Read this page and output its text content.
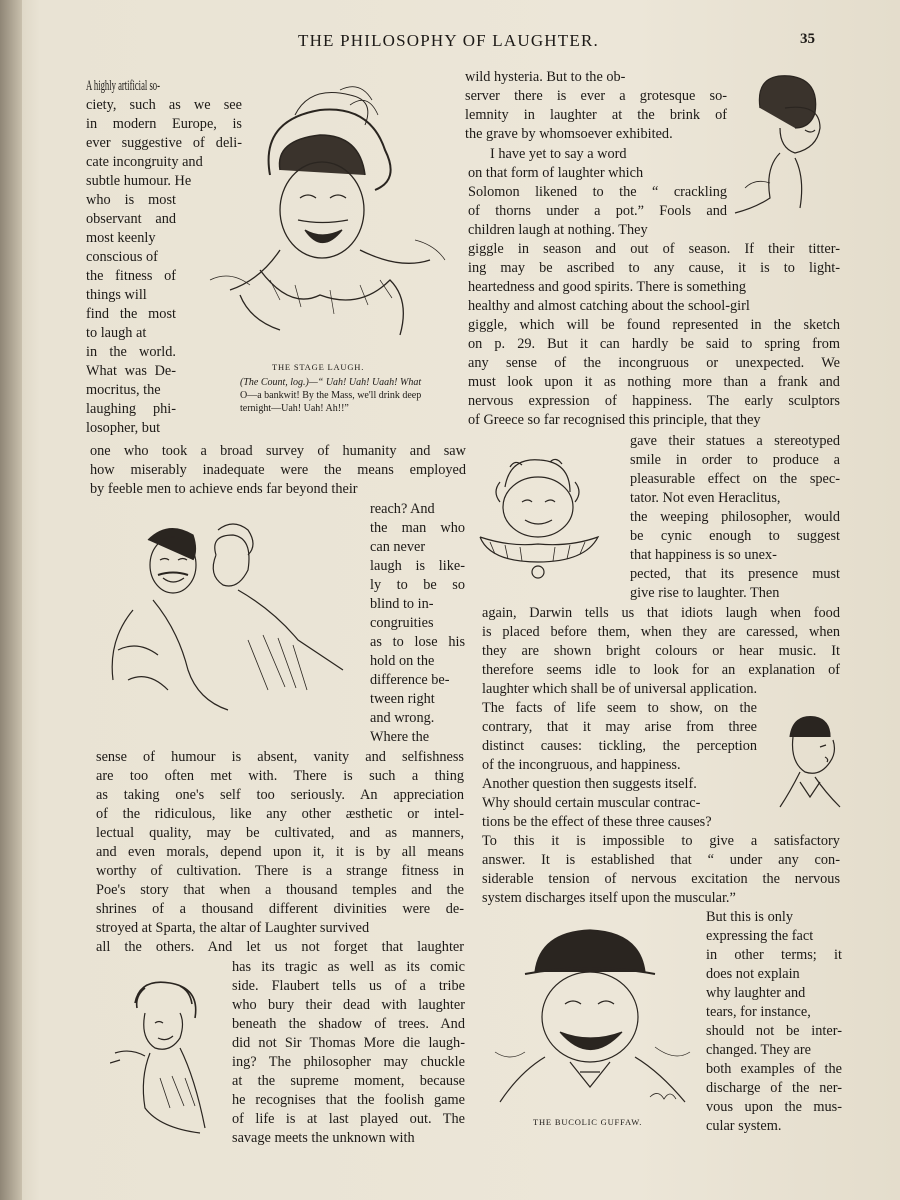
THE PHILOSOPHY OF LAUGHTER.	35
A highly artificial so-
ciety, such as we see
in modern Europe, is
ever suggestive of deli-
cate incongruity and
subtle humour. He
who is most
observant and
most keenly
conscious of
the fitness of
things will
find the most
to laugh at
in the world.
What was De-
mocritus, the
laughing phi-
losopher, but
one who took a broad survey of humanity and saw
how miserably inadequate were the means employed
by feeble men to achieve ends far beyond their
reach? And
the man who
can never
laugh is like-
ly to be so
blind to in-
congruities
as to lose his
hold on the
difference be-
tween right
and wrong.
Where the
sense of humour is absent, vanity and selfishness
are too often met with. There is such a thing
as taking one's self too seriously. An appreciation
of the ridiculous, like any other æsthetic or intel-
lectual quality, may be cultivated, and as manners,
and even morals, depend upon it, it is by all means
worthy of cultivation. There is a strange fitness in
Poe's story that when a thousand temples and the
shrines of a thousand different divinities were de-
stroyed at Sparta, the altar of Laughter survived
all the others. And let us not forget that laughter
has its tragic as well as its comic
side. Flaubert tells us of a tribe
who bury their dead with laughter
beneath the shadow of trees. And
did not Sir Thomas More die laugh-
ing? The philosopher may chuckle
at the supreme moment, because
he recognises that the foolish game
of life is at last played out. The
savage meets the unknown with
wild hysteria. But to the ob-
server there is ever a grotesque so-
lemnity in laughter at the brink of
the grave by whomsoever exhibited.
I have yet to say a word
on that form of laughter which
Solomon likened to the “ crackling
of thorns under a pot.” Fools and
children laugh at nothing. They
giggle in season and out of season. If their titter-
ing may be ascribed to any cause, it is to light-
heartedness and good spirits. There is something
healthy and almost catching about the school-girl
giggle, which will be found represented in the sketch
on p. 29. But it can hardly be said to spring from
any sense of the incongruous or unexpected. We
must look upon it as nothing more than a frank and
nervous expression of happiness. The early sculptors
of Greece so far recognised this principle, that they
gave their statues a stereotyped
smile in order to produce a
pleasurable effect on the spec-
tator. Not even Heraclitus,
the weeping philosopher, would
be cynic enough to suggest
that happiness is so unex-
pected, that its presence must
give rise to laughter. Then
again, Darwin tells us that idiots laugh when food
is placed before them, when they are caressed, when
they are shown bright colours or hear music. It
therefore seems idle to look for an explanation of
laughter which shall be of universal application.
The facts of life seem to show, on the
contrary, that it may arise from three
distinct causes: tickling, the perception
of the incongruous, and happiness.
Another question then suggests itself.
Why should certain muscular contrac-
tions be the effect of these three causes?
To this it is impossible to give a satisfactory
answer. It is established that “ under any con-
siderable tension of nervous excitation the nervous
system discharges itself upon the muscular.”
But this is only
expressing the fact
in other terms; it
does not explain
why laughter and
tears, for instance,
should not be inter-
changed. They are
both examples of the
discharge of the ner-
vous upon the mus-
cular system.
THE STAGE LAUGH.
(The Count, log.)—“ Uah! Uah! Uaah! What
O—a bankwit! By the Mass, we'll drink deep
ternight—Uah! Uah! Ah!!”
THE BUCOLIC GUFFAW.
